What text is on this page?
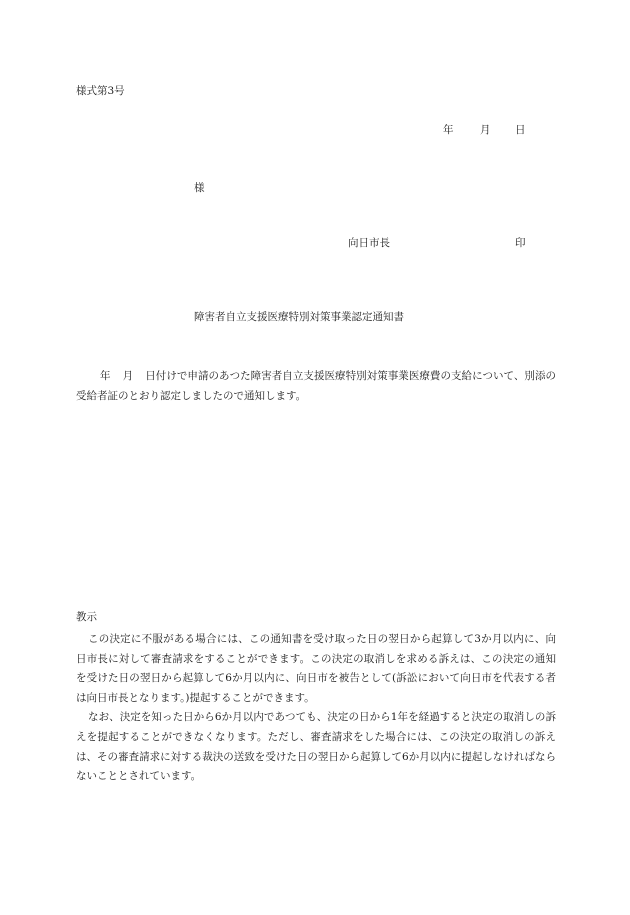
様式第3号
年	月 日
様
向日市長	印
障害者自立支援医療特別対策事業認定通知書
年 月 日付けで申請のあつた障害者自立支援医療特別対策事業医療費の支給について、別添の受給者証のとおり認定しましたので通知します。
教示

この決定に不服がある場合には、この通知書を受け取った日の翌日から起算して3か月以内に、向日市長に対して審査請求をすることができます。この決定の取消しを求める訴えは、この決定の通知を受けた日の翌日から起算して6か月以内に、向日市を被告として(訴訟において向日市を代表する者は向日市長となります。)提起することができます。

なお、決定を知った日から6か月以内であつても、決定の日から1年を経過すると決定の取消しの訴えを提起することができなくなります。ただし、審査請求をした場合には、この決定の取消しの訴えは、その審査請求に対する裁決の送致を受けた日の翌日から起算して6か月以内に提起しなければならないこととされています。
